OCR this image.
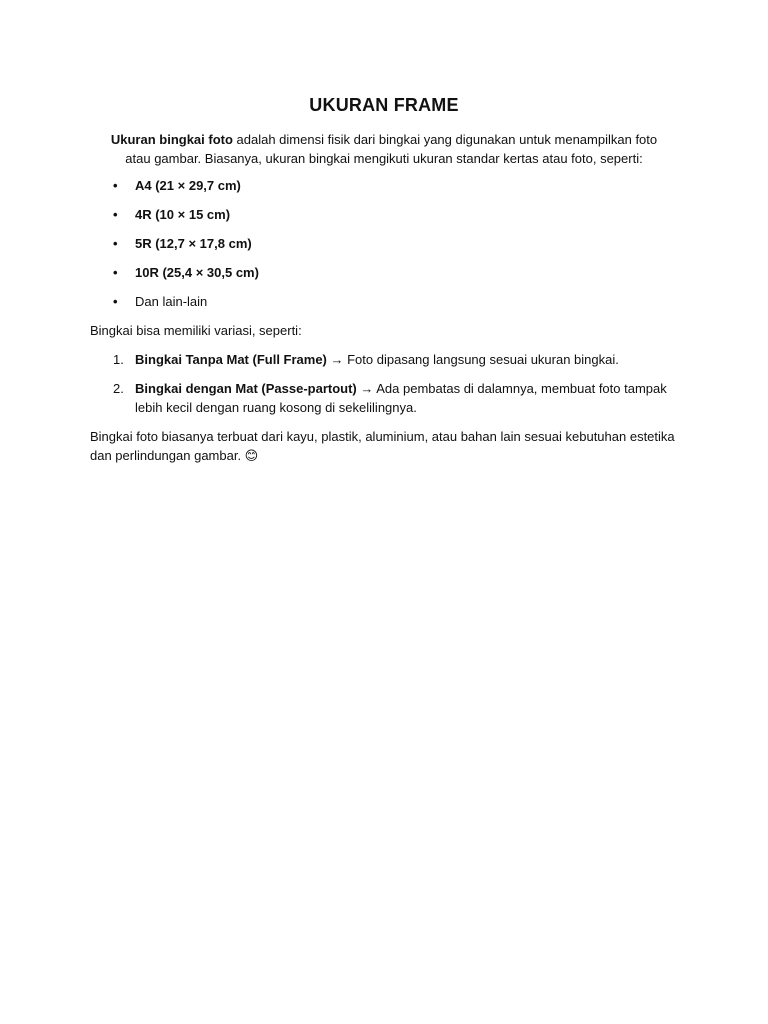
UKURAN FRAME

Ukuran bingkai foto adalah dimensi fisik dari bingkai yang digunakan untuk menampilkan foto atau gambar. Biasanya, ukuran bingkai mengikuti ukuran standar kertas atau foto, seperti:

• A4 (21 × 29,7 cm)
• 4R (10 × 15 cm)
• 5R (12,7 × 17,8 cm)
• 10R (25,4 × 30,5 cm)
• Dan lain-lain

Bingkai bisa memiliki variasi, seperti:

1. Bingkai Tanpa Mat (Full Frame) → Foto dipasang langsung sesuai ukuran bingkai.
2. Bingkai dengan Mat (Passe-partout) → Ada pembatas di dalamnya, membuat foto tampak lebih kecil dengan ruang kosong di sekelilingnya.

Bingkai foto biasanya terbuat dari kayu, plastik, aluminium, atau bahan lain sesuai kebutuhan estetika dan perlindungan gambar. 😊
